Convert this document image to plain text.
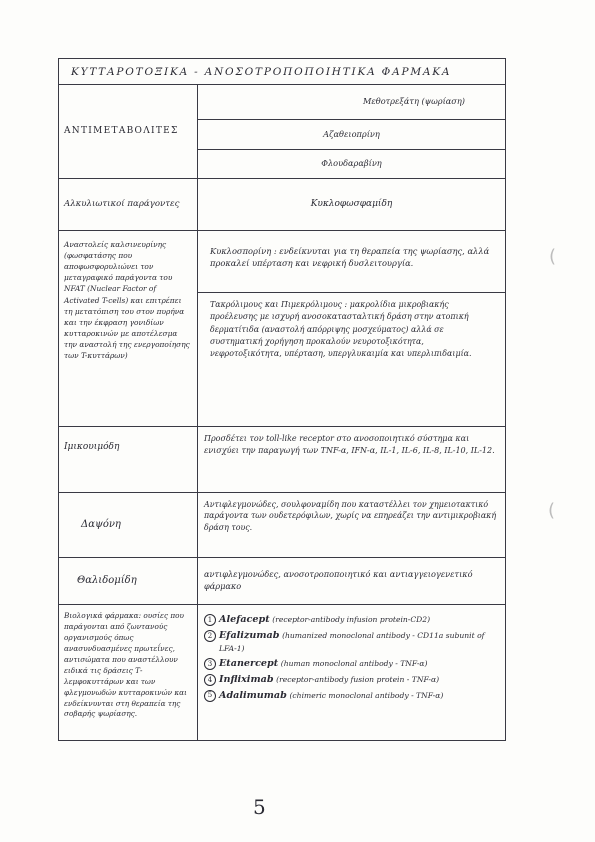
(
(
ΚΥΤΤΑΡΟΤΟΞΙΚΑ - ΑΝΟΣΟΤΡΟΠΟΠΟΙΗΤΙΚΑ ΦΑΡΜΑΚΑ
ΑΝΤΙΜΕΤΑΒΟΛΙΤΕΣ
Μεθοτρεξάτη (ψωρίαση)
Αζαθειοπρίνη
Φλουδαραβίνη
Αλκυλιωτικοί παράγοντες	Κυκλοφωσφαμίδη
Αναστολείς καλσινευρίνης (φωσφατάσης που αποφωσφορυλιώνει τον μεταγραφικό παράγοντα του NFAT (Nuclear Factor of Activated T-cells) και επιτρέπει τη μετατόπιση του στον πυρήνα και την έκφραση γονιδίων κυτταροκινών με αποτέλεσμα την αναστολή της ενεργοποίησης των T-κυττάρων)
Κυκλοσπορίνη : ενδείκνυται για τη θεραπεία της ψωρίασης, αλλά προκαλεί υπέρταση και νεφρική δυσλειτουργία.
Τακρόλιμους και Πιμεκρόλιμους : μακρολίδια μικροβιακής προέλευσης με ισχυρή ανοσοκατασταλτική δράση στην ατοπική δερματίτιδα (αναστολή απόρριψης μοσχεύματος) αλλά σε συστηματική χορήγηση προκαλούν νευροτοξικότητα, νεφροτοξικότητα, υπέρταση, υπεργλυκαιμία και υπερλιπιδαιμία.
Ιμικουιμόδη
Προσδέτει τον toll-like receptor στο ανοσοποιητικό σύστημα και ενισχύει την παραγωγή των TNF-α, IFN-α, IL-1, IL-6, IL-8, IL-10, IL-12.
Δαψόνη
Αντιφλεγμονώδες, σουλφοναμίδη που καταστέλλει τον χημειοτακτικό παράγοντα των ουδετερόφιλων, χωρίς να επηρεάζει την αντιμικροβιακή δράση τους.
Θαλιδομίδη
αντιφλεγμονώδες, ανοσοτροποποιητικό και αντιαγγειογενετικό φάρμακο
Βιολογικά φάρμακα: ουσίες που παράγονται από ζωντανούς οργανισμούς όπως ανασυνδυασμένες πρωτεΐνες, αντισώματα που αναστέλλουν ειδικά τις δράσεις Τ-λεμφοκυττάρων και των φλεγμονωδών κυτταροκινών και ενδείκνυνται στη θεραπεία της σοβαρής ψωρίασης.
1 Alefacept (receptor-antibody infusion protein-CD2)
2 Efalizumab (humanized monoclonal antibody - CD11a subunit of LFA-1)
3 Etanercept (human monoclonal antibody - TNF-α)
4 Infliximab (receptor-antibody fusion protein - TNF-α)
5 Adalimumab (chimeric monoclonal antibody - TNF-α)
5
